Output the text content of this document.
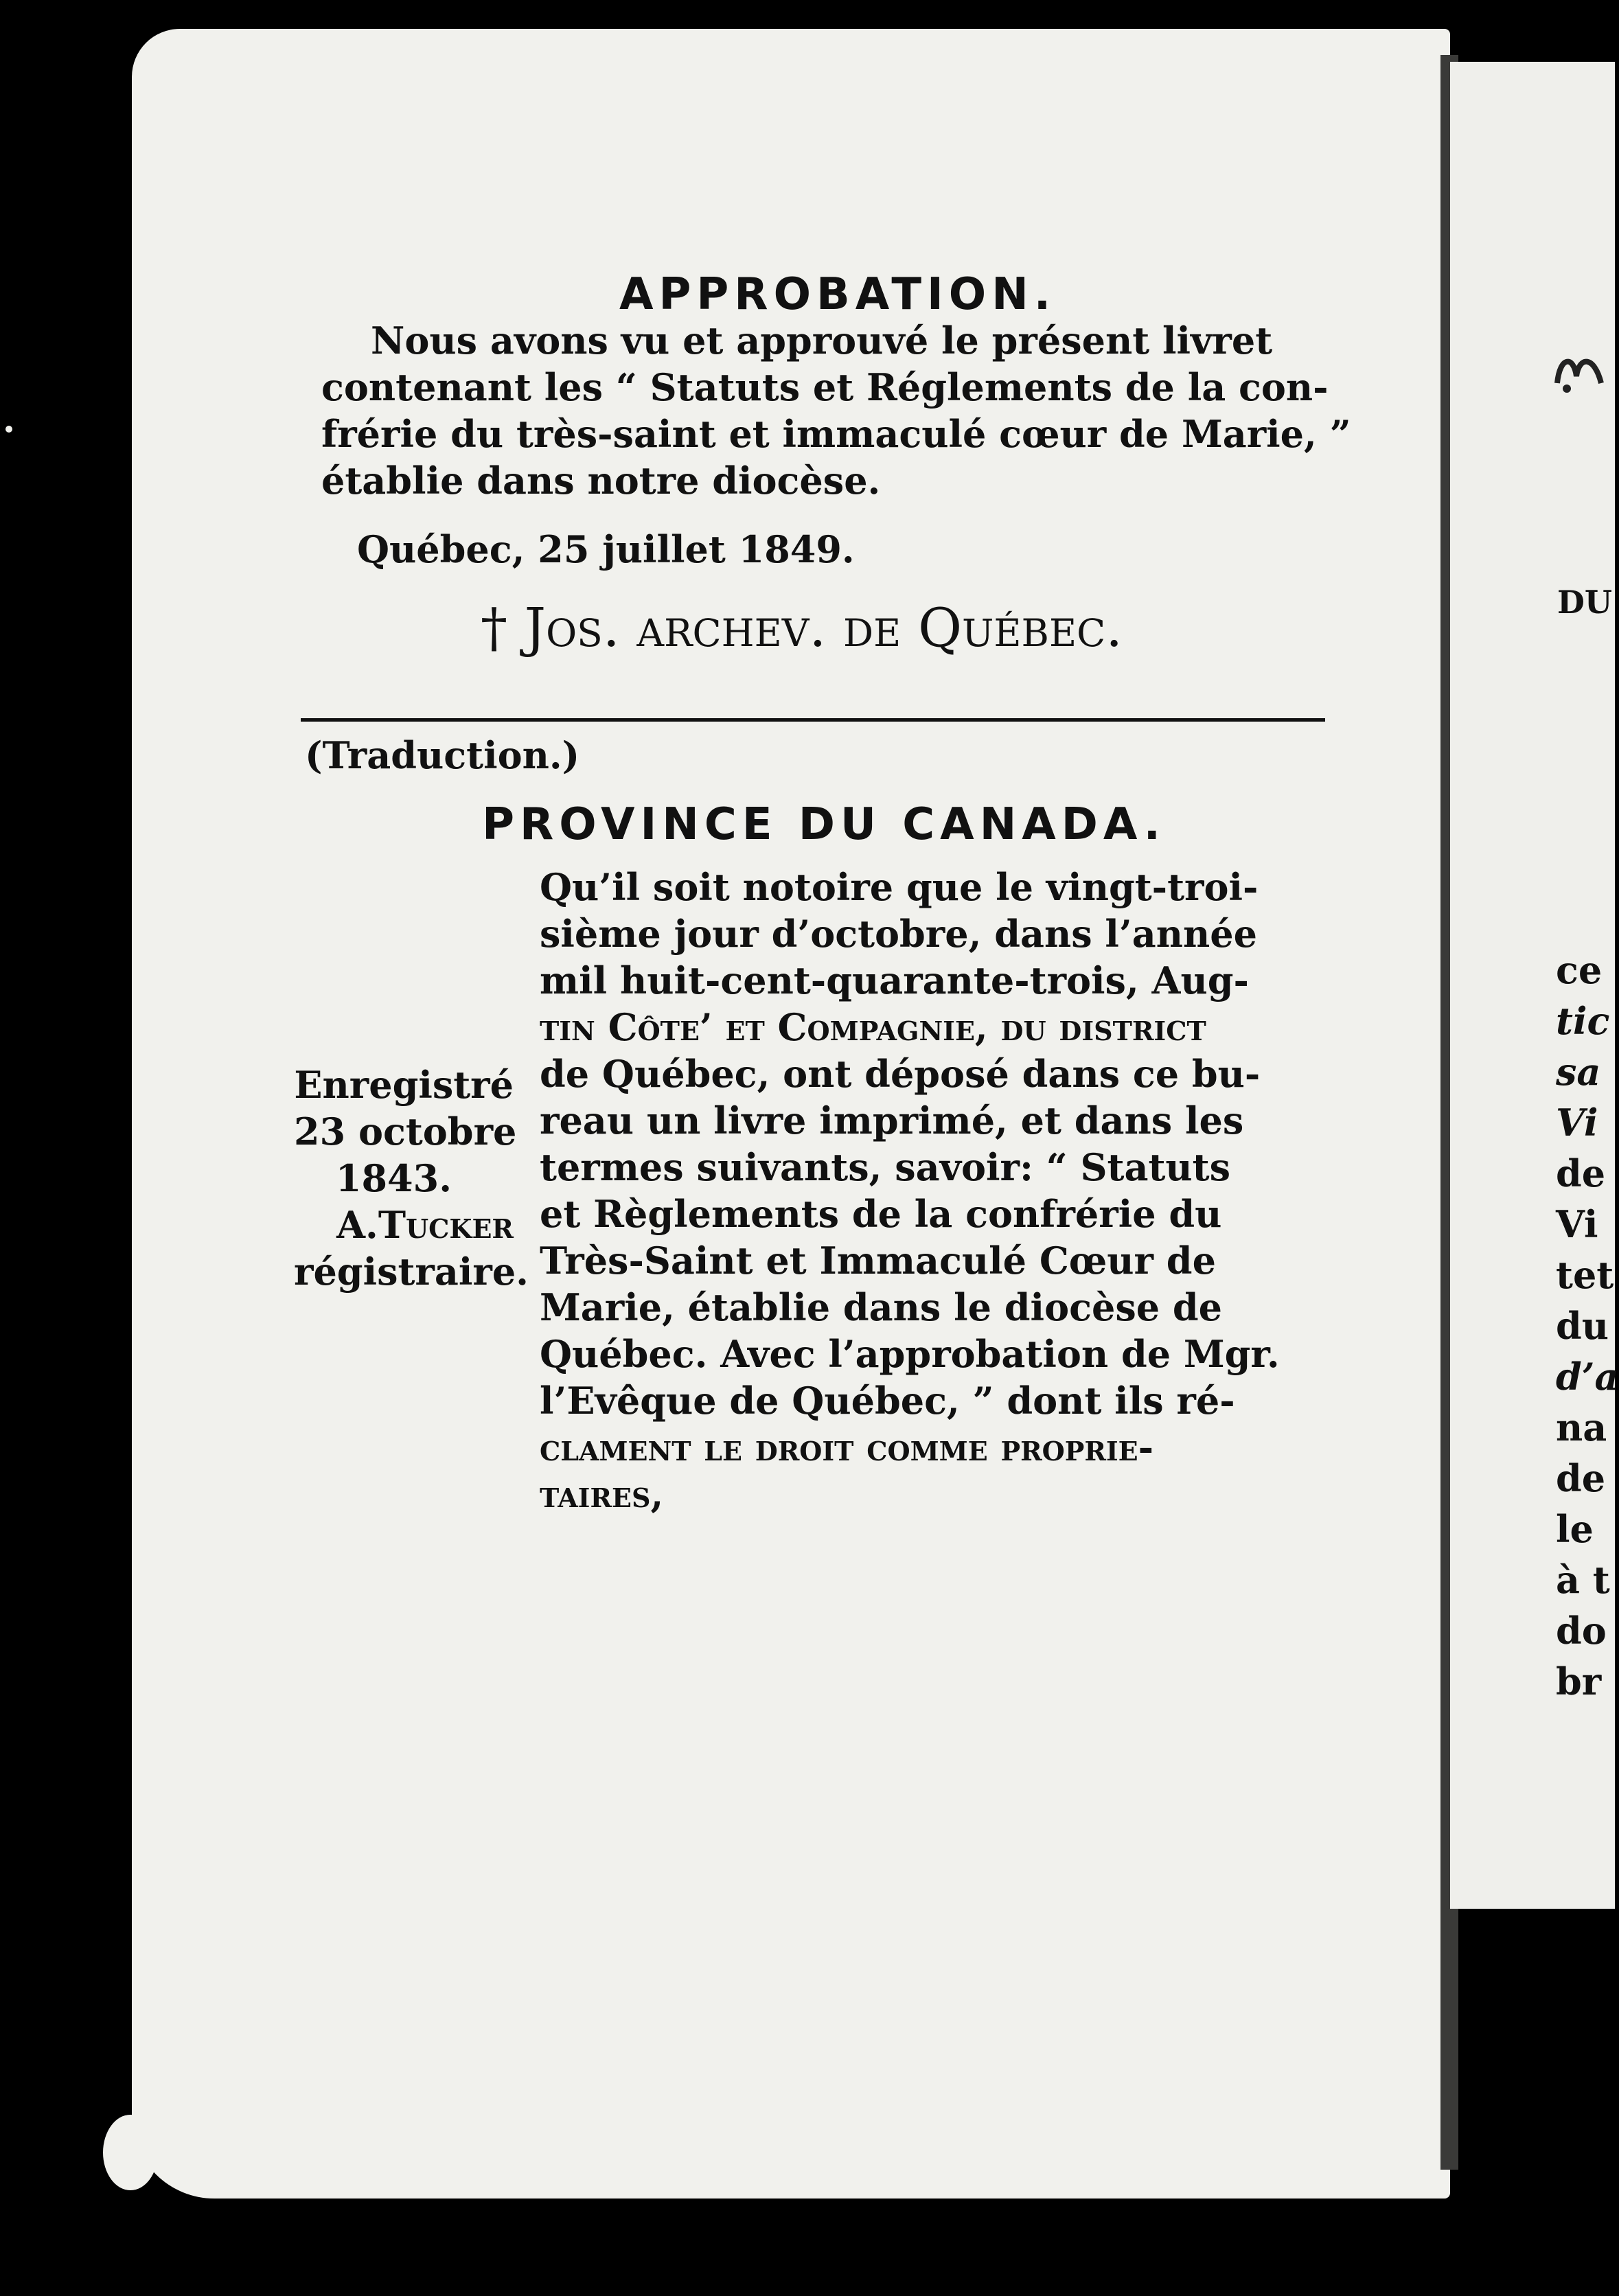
APPROBATION.
Nous avons vu et approuvé le présent livret
contenant les “ Statuts et Réglements de la con-
frérie du très-saint et immaculé cœur de Marie, ”
établie dans notre diocèse.
Québec, 25 juillet 1849.
† Jos. archev. de Québec.
(Traduction.)
PROVINCE DU CANADA.
Qu’il soit notoire que le vingt-troi-
sième jour d’octobre, dans l’année
mil huit-cent-quarante-trois, Aug-
tin Côte’ et Compagnie, du district
de Québec, ont déposé dans ce bu-
reau un livre imprimé, et dans les
termes suivants, savoir: “ Statuts
et Règlements de la confrérie du
Très-Saint et Immaculé Cœur de
Marie, établie dans le diocèse de
Québec. Avec l’approbation de Mgr.
l’Evêque de Québec, ” dont ils ré-
clament le droit comme proprie-
taires,
Enregistré
23 octobre
1843.
A.Tucker
régistraire.
DU
ce
tic
sa
Vi
de
Vi
tet
du
d’a
na
de
le
à t
do
br
